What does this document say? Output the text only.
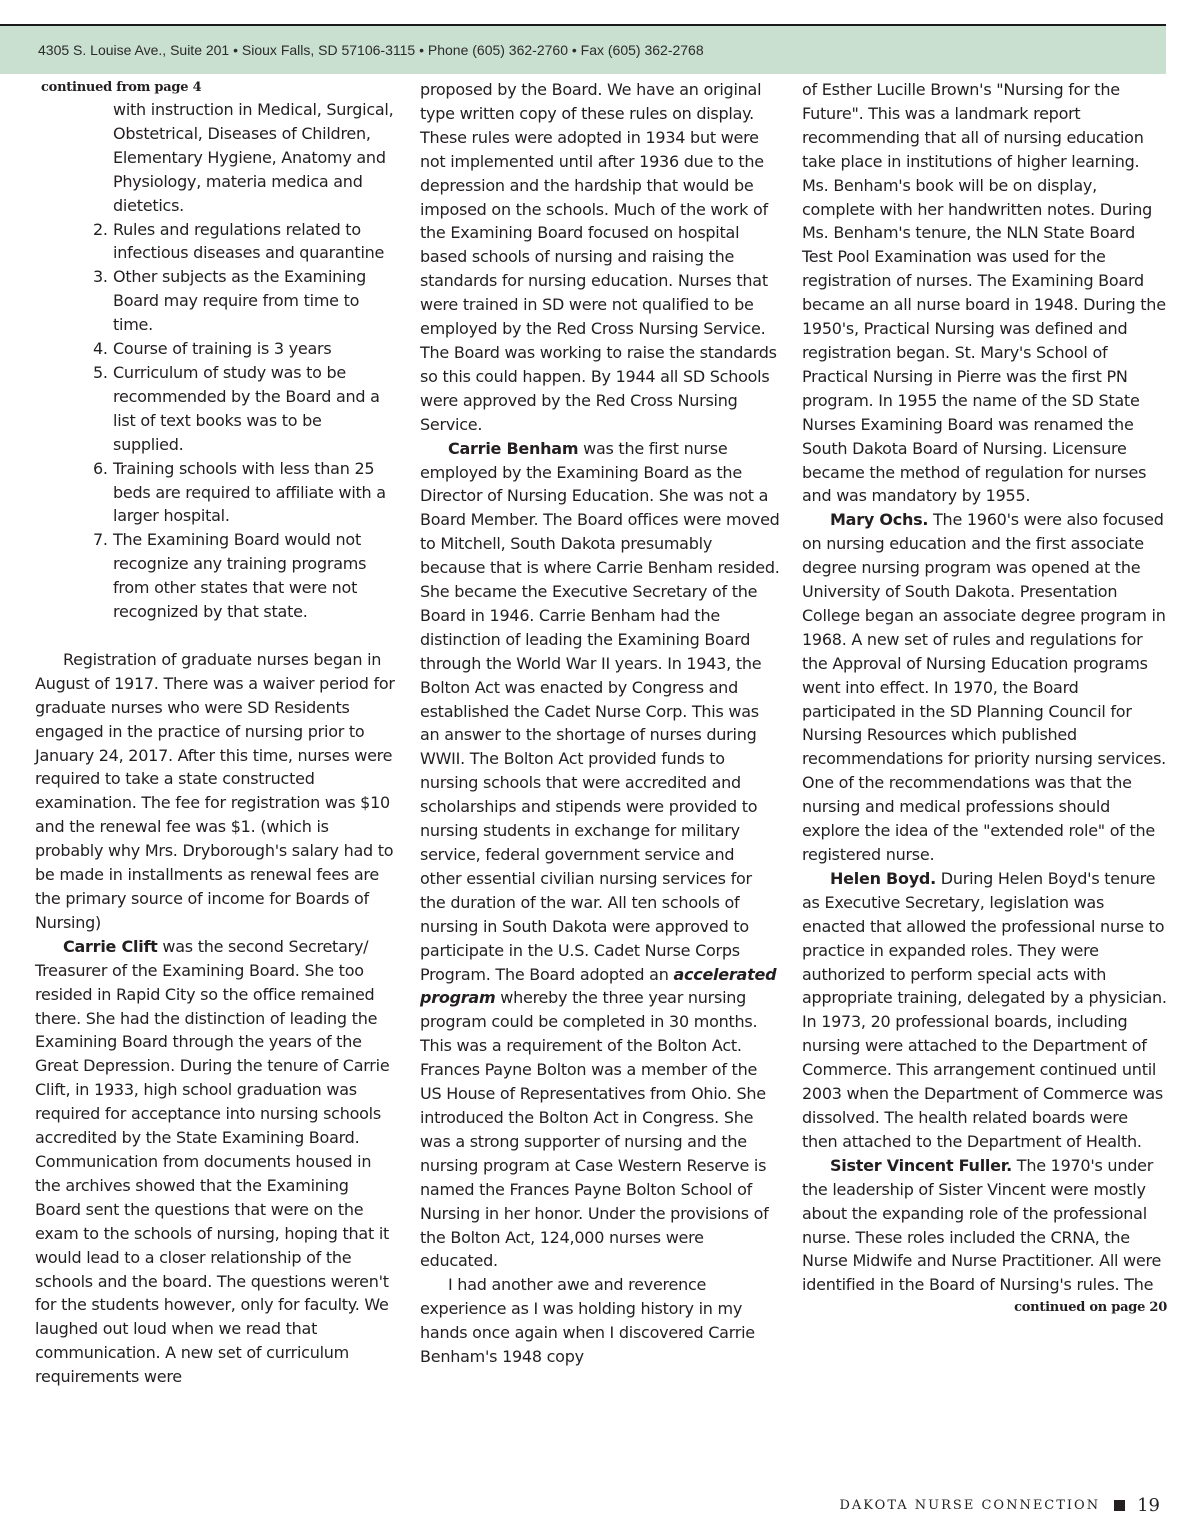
4305 S. Louise Ave., Suite 201 • Sioux Falls, SD 57106-3115 • Phone (605) 362-2760 • Fax (605) 362-2768

continued from page 4

with instruction in Medical, Surgical, Obstetrical, Diseases of Children, Elementary Hygiene, Anatomy and Physiology, materia medica and dietetics.

2. Rules and regulations related to infectious diseases and quarantine
3. Other subjects as the Examining Board may require from time to time.
4. Course of training is 3 years
5. Curriculum of study was to be recommended by the Board and a list of text books was to be supplied.
6. Training schools with less than 25 beds are required to affiliate with a larger hospital.
7. The Examining Board would not recognize any training programs from other states that were not recognized by that state.

Registration of graduate nurses began in August of 1917. There was a waiver period for graduate nurses who were SD Residents engaged in the practice of nursing prior to January 24, 2017. After this time, nurses were required to take a state constructed examination. The fee for registration was $10 and the renewal fee was $1. (which is probably why Mrs. Dryborough's salary had to be made in installments as renewal fees are the primary source of income for Boards of Nursing)

Carrie Clift was the second Secretary/ Treasurer of the Examining Board. She too resided in Rapid City so the office remained there. She had the distinction of leading the Examining Board through the years of the Great Depression. During the tenure of Carrie Clift, in 1933, high school graduation was required for acceptance into nursing schools accredited by the State Examining Board. Communication from documents housed in the archives showed that the Examining Board sent the questions that were on the exam to the schools of nursing, hoping that it would lead to a closer relationship of the schools and the board. The questions weren't for the students however, only for faculty. We laughed out loud when we read that communication. A new set of curriculum requirements were

proposed by the Board. We have an original type written copy of these rules on display. These rules were adopted in 1934 but were not implemented until after 1936 due to the depression and the hardship that would be imposed on the schools. Much of the work of the Examining Board focused on hospital based schools of nursing and raising the standards for nursing education. Nurses that were trained in SD were not qualified to be employed by the Red Cross Nursing Service. The Board was working to raise the standards so this could happen. By 1944 all SD Schools were approved by the Red Cross Nursing Service.

Carrie Benham was the first nurse employed by the Examining Board as the Director of Nursing Education. She was not a Board Member. The Board offices were moved to Mitchell, South Dakota presumably because that is where Carrie Benham resided. She became the Executive Secretary of the Board in 1946. Carrie Benham had the distinction of leading the Examining Board through the World War II years. In 1943, the Bolton Act was enacted by Congress and established the Cadet Nurse Corp. This was an answer to the shortage of nurses during WWII. The Bolton Act provided funds to nursing schools that were accredited and scholarships and stipends were provided to nursing students in exchange for military service, federal government service and other essential civilian nursing services for the duration of the war. All ten schools of nursing in South Dakota were approved to participate in the U.S. Cadet Nurse Corps Program. The Board adopted an accelerated program whereby the three year nursing program could be completed in 30 months. This was a requirement of the Bolton Act. Frances Payne Bolton was a member of the US House of Representatives from Ohio. She introduced the Bolton Act in Congress. She was a strong supporter of nursing and the nursing program at Case Western Reserve is named the Frances Payne Bolton School of Nursing in her honor. Under the provisions of the Bolton Act, 124,000 nurses were educated.

I had another awe and reverence experience as I was holding history in my hands once again when I discovered Carrie Benham's 1948 copy

of Esther Lucille Brown's "Nursing for the Future". This was a landmark report recommending that all of nursing education take place in institutions of higher learning. Ms. Benham's book will be on display, complete with her handwritten notes. During Ms. Benham's tenure, the NLN State Board Test Pool Examination was used for the registration of nurses. The Examining Board became an all nurse board in 1948. During the 1950's, Practical Nursing was defined and registration began. St. Mary's School of Practical Nursing in Pierre was the first PN program. In 1955 the name of the SD State Nurses Examining Board was renamed the South Dakota Board of Nursing. Licensure became the method of regulation for nurses and was mandatory by 1955.

Mary Ochs. The 1960's were also focused on nursing education and the first associate degree nursing program was opened at the University of South Dakota. Presentation College began an associate degree program in 1968. A new set of rules and regulations for the Approval of Nursing Education programs went into effect. In 1970, the Board participated in the SD Planning Council for Nursing Resources which published recommendations for priority nursing services. One of the recommendations was that the nursing and medical professions should explore the idea of the "extended role" of the registered nurse.

Helen Boyd. During Helen Boyd's tenure as Executive Secretary, legislation was enacted that allowed the professional nurse to practice in expanded roles. They were authorized to perform special acts with appropriate training, delegated by a physician. In 1973, 20 professional boards, including nursing were attached to the Department of Commerce. This arrangement continued until 2003 when the Department of Commerce was dissolved. The health related boards were then attached to the Department of Health.

Sister Vincent Fuller. The 1970's under the leadership of Sister Vincent were mostly about the expanding role of the professional nurse. These roles included the CRNA, the Nurse Midwife and Nurse Practitioner. All were identified in the Board of Nursing's rules. The

continued on page 20

DAKOTA NURSE CONNECTION 19
